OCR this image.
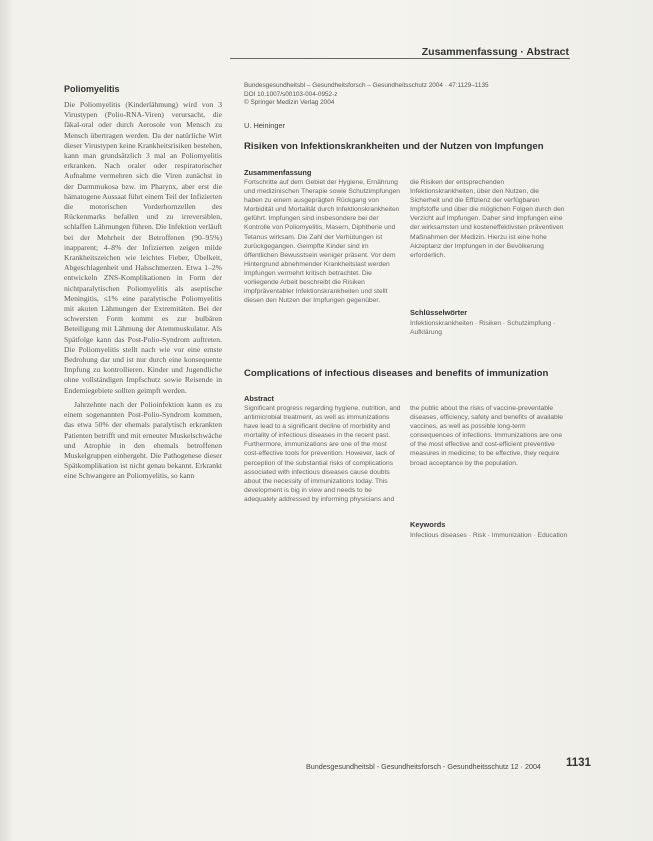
Zusammenfassung · Abstract
Poliomyelitis

Die Poliomyelitis (Kinderlähmung) wird von 3 Virustypen (Polio-RNA-Viren) verursacht, die fäkal-oral oder durch Aerosole von Mensch zu Mensch übertragen werden. Da der natürliche Wirt dieser Virustypen keine Krankheitsrisiken bestehen, kann man grundsätzlich 3 mal an Poliomyelitis erkranken. Nach oraler oder respiratorischer Aufnahme vermehren sich die Viren zunächst in der Darmmukosa bzw. im Pharynx, aber erst die hämatogene Aussaat führt einem Teil der Infizierten die motorischen Vorderhornzellen des Rückenmarks befallen und zu irreversiblen, schlaffen Lähmungen führen. Die Infektion verläuft bei der Mehrheit der Betroffenen (90–95%) inapparent; 4–8% der Infizierten zeigen milde Krankheitszeichen wie leichtes Fieber, Übelkeit, Abgeschlagenheit und Halsschmerzen. Etwa 1–2% entwickeln ZNS-Komplikationen in Form der nichtparalytischen Poliomyelitis als aseptische Meningitis, ≤1% eine paralytische Poliomyelitis mit akuten Lähmungen der Extremitäten. Bei der schwersten Form kommt es zur bulbären Beteiligung mit Lähmung der Atemmuskulatur. Als Spätfolge kann das Post-Polio-Syndrom auftreten. Die Poliomyelitis stellt nach wie vor eine ernste Bedrohung dar und ist nur durch eine konsequente Impfung zu kontrollieren. Kinder und Jugendliche ohne vollständigen Impfschutz sowie Reisende in Endemiegebiete sollten geimpft werden.

Jahrzehnte nach der Polioinfektion kann es zu einem sogenannten Post-Polio-Syndrom kommen, das etwa 50% der ehemals paralytisch erkrankten Patienten betrifft und mit erneuter Muskelschwäche und Atrophie in den ehemals betroffenen Muskelgruppen einhergeht. Die Pathogenese dieser Spätkomplikation ist nicht genau bekannt. Erkrankt eine Schwangere an Poliomyelitis, so kann

Bundesgesundheitsbl – Gesundheitsforsch – Gesundheitsschutz 2004 · 47:1129–1135
DOI 10.1007/s00103-004-0952-z
© Springer Medizin Verlag 2004
U. Heininger
Risiken von Infektionskrankheiten und der Nutzen von Impfungen
Zusammenfassung
Fortschritte auf dem Gebiet der Hygiene, Ernährung und medizinischen Therapie sowie Schutzimpfungen haben zu einem ausgeprägten Rückgang von Morbidität und Mortalität durch Infektionskrankheiten geführt. Impfungen sind insbesondere bei der Kontrolle von Poliomyelitis, Masern, Diphtherie und Tetanus wirksam. Die Zahl der Verhütungen ist zurückgegangen. Geimpfte Kinder sind im öffentlichen Bewusstsein weniger präsent. Vor dem Hintergrund abnehmender Krankheitslast werden Impfungen vermehrt kritisch betrachtet. Die vorliegende Arbeit beschreibt die Risiken impfpräventabler Infektionskrankheiten und stellt diesen den Nutzen der Impfungen gegenüber.
die Risiken der entsprechenden Infektionskrankheiten, über den Nutzen, die Sicherheit und die Effizienz der verfügbaren Impfstoffe und über die möglichen Folgen durch den Verzicht auf Impfungen. Daher sind Impfungen eine der wirksamsten und kosteneffektivsten präventiven Maßnahmen der Medizin. Hierzu ist eine hohe Akzeptanz der Impfungen in der Bevölkerung erforderlich.
Schlüsselwörter
Infektionskrankheiten · Risiken · Schutzimpfung · Aufklärung
Complications of infectious diseases and benefits of immunization
Abstract
Significant progress regarding hygiene, nutrition, and antimicrobial treatment, as well as immunizations have lead to a significant decline of morbidity and mortality of infectious diseases in the recent past. Furthermore, immunizations are one of the most cost-effective tools for prevention. However, lack of perception of the substantial risks of complications associated with infectious diseases cause doubts about the necessity of immunizations today. This development is big in view and needs to be adequately addressed by informing physicians and
the public about the risks of vaccine-preventable diseases, efficiency, safety and benefits of available vaccines, as well as possible long-term consequences of infections. Immunizations are one of the most effective and cost-efficient preventive measures in medicine; to be effective, they require broad acceptance by the population.
Keywords
Infectious diseases · Risk · Immunization · Education
Bundesgesundheitsbl - Gesundheitsforsch - Gesundheitsschutz 12 · 2004 1131
